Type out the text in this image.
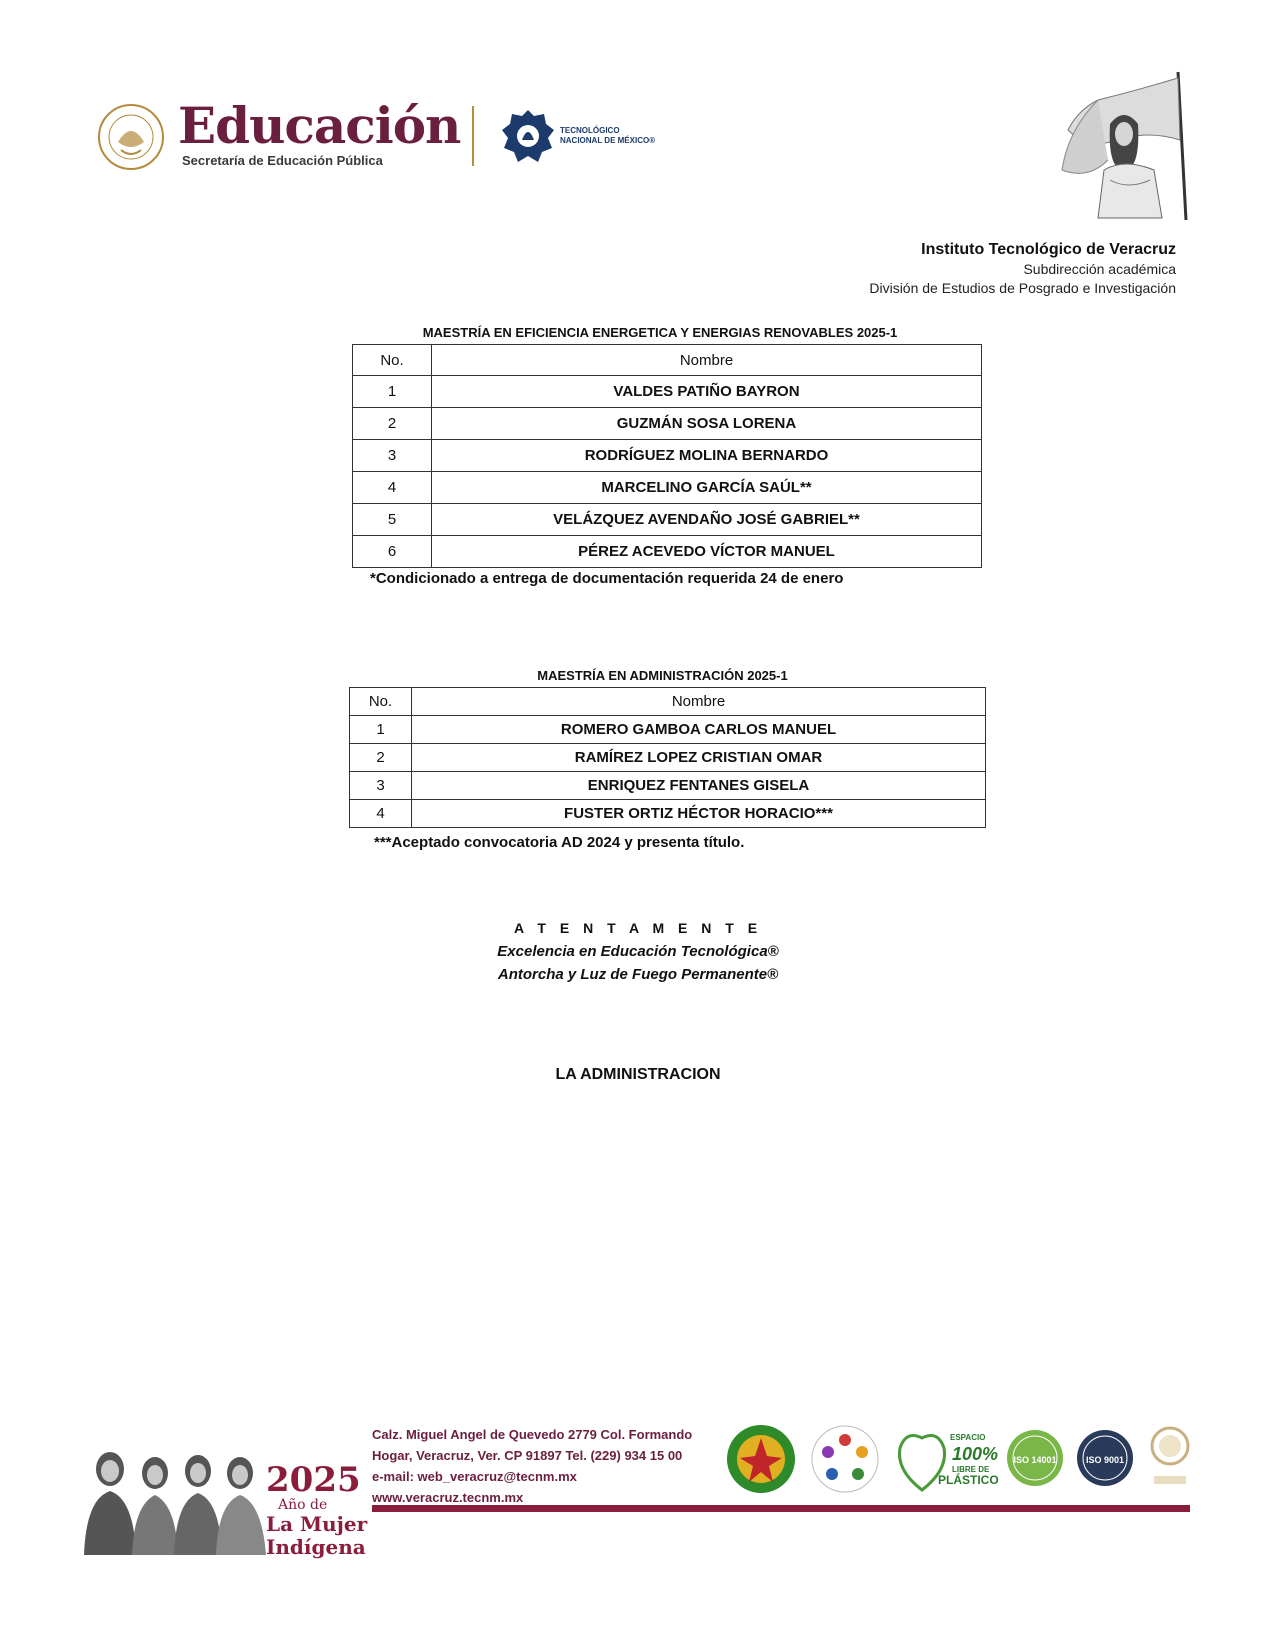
Educación
Secretaría de Educación Pública
TECNOLÓGICO
NACIONAL DE MÉXICO®
Instituto Tecnológico de Veracruz
Subdirección académica
División de Estudios de Posgrado e Investigación
MAESTRÍA EN EFICIENCIA ENERGETICA Y ENERGIAS RENOVABLES 2025-1
No.	Nombre
1	VALDES PATIÑO BAYRON
2	GUZMÁN SOSA LORENA
3	RODRÍGUEZ MOLINA BERNARDO
4	MARCELINO GARCÍA SAÚL**
5	VELÁZQUEZ AVENDAÑO JOSÉ GABRIEL**
6	PÉREZ ACEVEDO VÍCTOR MANUEL
*Condicionado a entrega de documentación requerida 24 de enero
MAESTRÍA EN ADMINISTRACIÓN 2025-1
No.	Nombre
1	ROMERO GAMBOA CARLOS MANUEL
2	RAMÍREZ LOPEZ CRISTIAN OMAR
3	ENRIQUEZ FENTANES GISELA
4	FUSTER ORTIZ HÉCTOR HORACIO***
***Aceptado convocatoria AD 2024 y presenta título.
A T E N T A M E N T E
Excelencia en Educación Tecnológica®
Antorcha y Luz de Fuego Permanente®
LA ADMINISTRACION
2025
Año de
La Mujer
Indígena
Calz. Miguel Angel de Quevedo 2779 Col. Formando
Hogar, Veracruz, Ver. CP 91897 Tel. (229) 934 15 00
e-mail: web_veracruz@tecnm.mx
www.veracruz.tecnm.mx
ESPACIO
100%
LIBRE DE
PLÁSTICO
ISO 14001	ISO 9001
